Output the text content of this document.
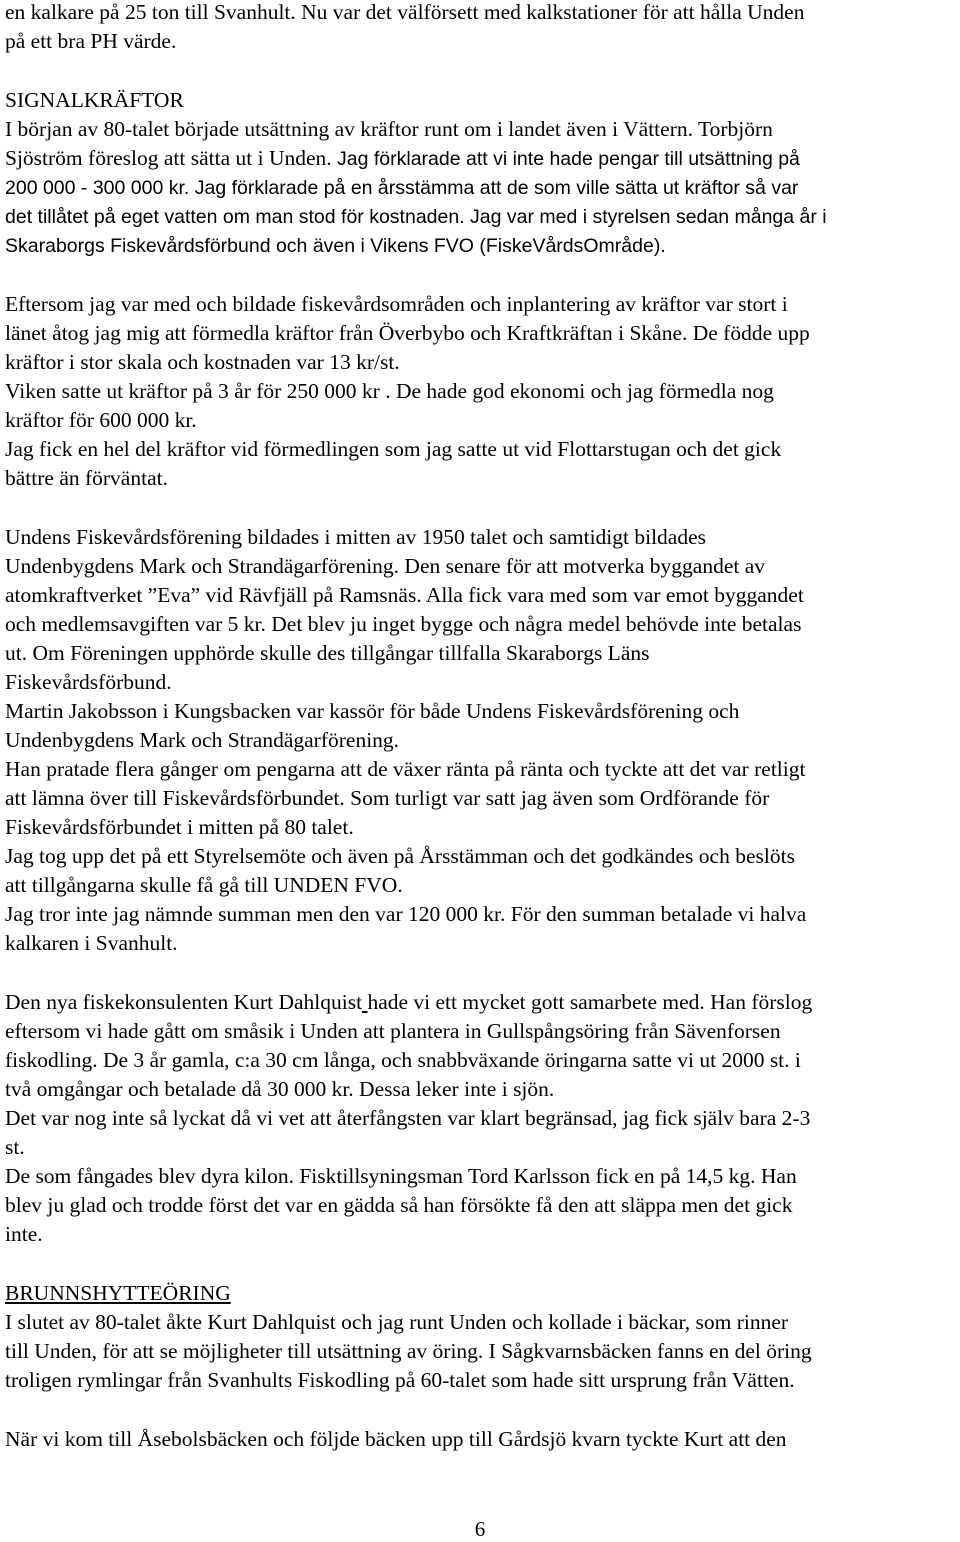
6
en kalkare på 25 ton till Svanhult. Nu var det välförsett med kalkstationer för att hålla Unden
på ett bra PH värde.
SIGNALKRÄFTOR
I början av 80-talet började utsättning av kräftor runt om i landet även i Vättern. Torbjörn
Sjöström föreslog att sätta ut i Unden. Jag förklarade att vi inte hade pengar till utsättning på
200 000 - 300 000 kr. Jag förklarade på en årsstämma att de som ville sätta ut kräftor så var
det tillåtet på eget vatten om man stod för kostnaden. Jag var med i styrelsen sedan många år i
Skaraborgs Fiskevårdsförbund och även i Vikens FVO (FiskeVårdsOmråde).
Eftersom jag var med och bildade fiskevårdsområden och inplantering av kräftor var stort i
länet åtog jag mig att förmedla kräftor från Överbybo och Kraftkräftan i Skåne. De födde upp
kräftor i stor skala och kostnaden var 13 kr/st.
Viken satte ut kräftor på 3 år för 250 000 kr . De hade god ekonomi och jag förmedla nog
kräftor för 600 000 kr.
Jag fick en hel del kräftor vid förmedlingen som jag satte ut vid Flottarstugan och det gick
bättre än förväntat.
Undens Fiskevårdsförening bildades i mitten av 1950 talet och samtidigt bildades
Undenbygdens Mark och Strandägarförening. Den senare för att motverka byggandet av
atomkraftverket ”Eva” vid Rävfjäll på Ramsnäs. Alla fick vara med som var emot byggandet
och medlemsavgiften var 5 kr. Det blev ju inget bygge och några medel behövde inte betalas
ut. Om Föreningen upphörde skulle des tillgångar tillfalla Skaraborgs Läns
Fiskevårdsförbund.
Martin Jakobsson i Kungsbacken var kassör för både Undens Fiskevårdsförening och
Undenbygdens Mark och Strandägarförening.
Han pratade flera gånger om pengarna att de växer ränta på ränta och tyckte att det var retligt
att lämna över till Fiskevårdsförbundet. Som turligt var satt jag även som Ordförande för
Fiskevårdsförbundet i mitten på 80 talet.
Jag tog upp det på ett Styrelsemöte och även på Årsstämman och det godkändes och beslöts
att tillgångarna skulle få gå till UNDEN FVO.
Jag tror inte jag nämnde summan men den var 120 000 kr. För den summan betalade vi halva
kalkaren i Svanhult.
Den nya fiskekonsulenten Kurt Dahlquist hade vi ett mycket gott samarbete med. Han förslog
eftersom vi hade gått om småsik i Unden att plantera in Gullspångsöring från Sävenforsen
fiskodling. De 3 år gamla, c:a 30 cm långa, och snabbväxande öringarna satte vi ut 2000 st. i
två omgångar och betalade då 30 000 kr. Dessa leker inte i sjön.
Det var nog inte så lyckat då vi vet att återfångsten var klart begränsad, jag fick själv bara 2-3
st.
De som fångades blev dyra kilon. Fisktillsyningsman Tord Karlsson fick en på 14,5 kg. Han
blev ju glad och trodde först det var en gädda så han försökte få den att släppa men det gick
inte.
BRUNNSHYTTEÖRING
I slutet av 80-talet åkte Kurt Dahlquist och jag runt Unden och kollade i bäckar, som rinner
till Unden, för att se möjligheter till utsättning av öring. I Sågkvarnsbäcken fanns en del öring
troligen rymlingar från Svanhults Fiskodling på 60-talet som hade sitt ursprung från Vätten.
När vi kom till Åsebolsbäcken och följde bäcken upp till Gårdsjö kvarn tyckte Kurt att den
